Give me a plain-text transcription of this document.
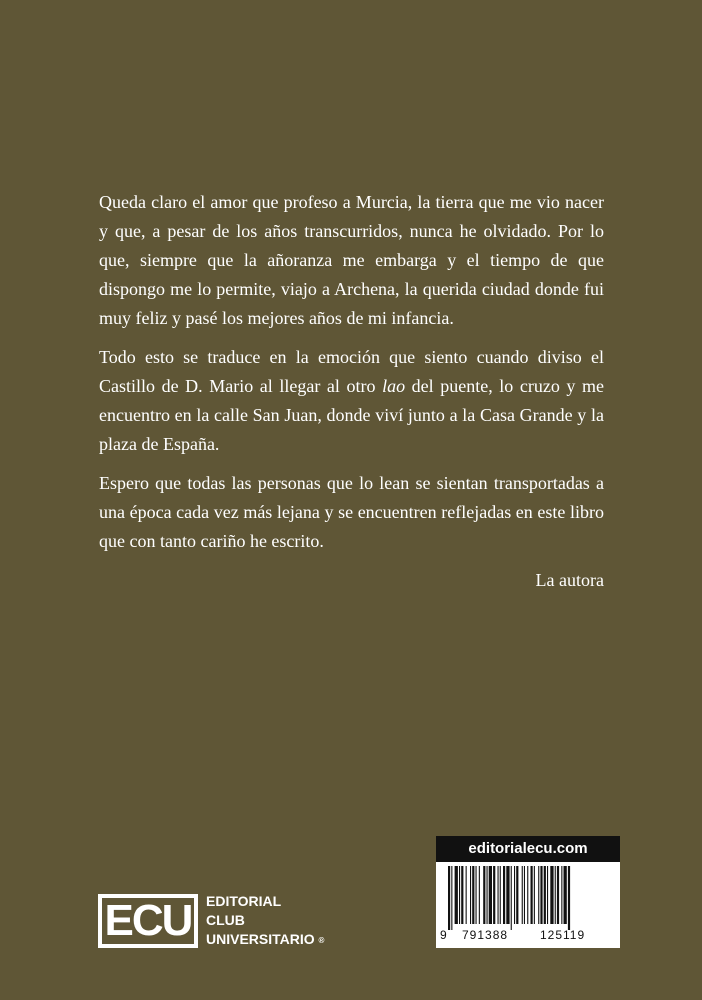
Queda claro el amor que profeso a Murcia, la tierra que me vio nacer y que, a pesar de los años transcurridos, nunca he olvidado. Por lo que, siempre que la añoranza me embarga y el tiempo de que dispongo me lo permite, viajo a Archena, la querida ciudad donde fui muy feliz y pasé los mejores años de mi infancia.

Todo esto se traduce en la emoción que siento cuando diviso el Castillo de D. Mario al llegar al otro lao del puente, lo cruzo y me encuentro en la calle San Juan, donde viví junto a la Casa Grande y la plaza de España.

Espero que todas las personas que lo lean se sientan transportadas a una época cada vez más lejana y se encuentren reflejadas en este libro que con tanto cariño he escrito.

La autora

ECU	EDITORIAL
CLUB
UNIVERSITARIO ®
editorialecu.com
9 791388	125119
